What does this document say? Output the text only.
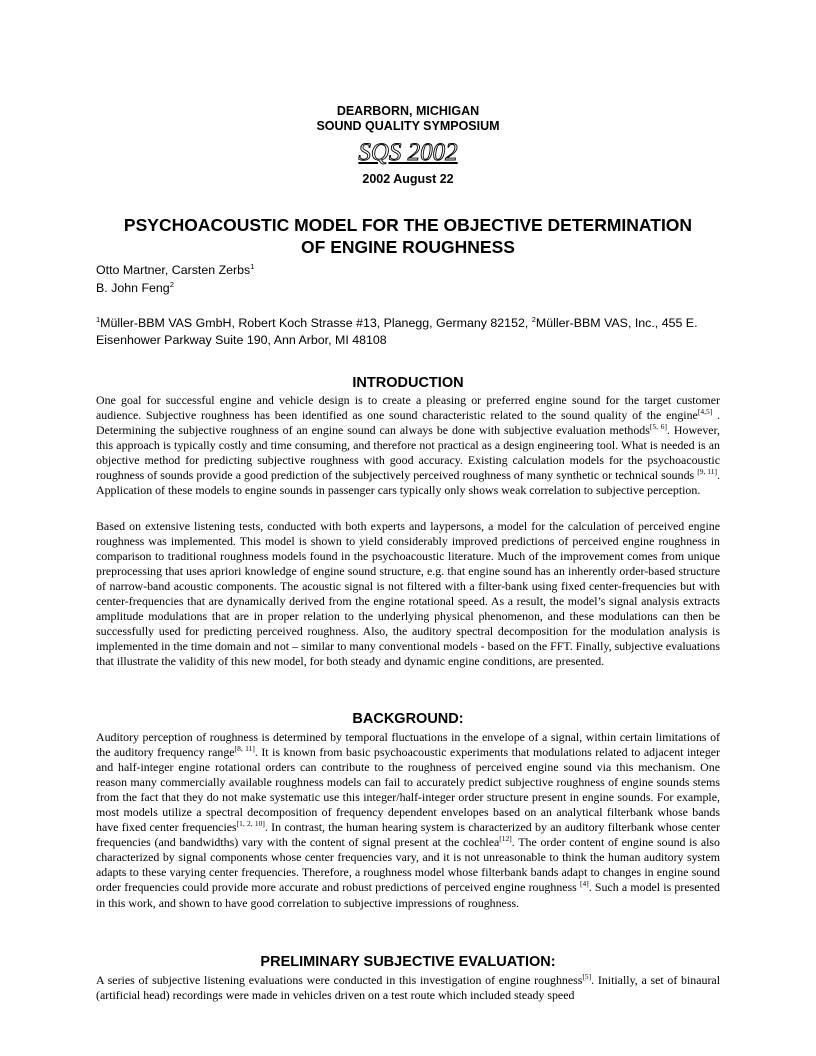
DEARBORN, MICHIGAN
SOUND QUALITY SYMPOSIUM
SQS 2002
2002 August 22
PSYCHOACOUSTIC MODEL FOR THE OBJECTIVE DETERMINATION
OF ENGINE ROUGHNESS
Otto Martner, Carsten Zerbs$^1$
B. John Feng$^2$
$^1$Müller-BBM VAS GmbH, Robert Koch Strasse #13, Planegg, Germany 82152, $^2$Müller-BBM VAS, Inc., 455 E. Eisenhower Parkway Suite 190, Ann Arbor, MI 48108
INTRODUCTION
One goal for successful engine and vehicle design is to create a pleasing or preferred engine sound for the target customer audience. Subjective roughness has been identified as one sound characteristic related to the sound quality of the engine[4,5] . Determining the subjective roughness of an engine sound can always be done with subjective evaluation methods[5, 6]. However, this approach is typically costly and time consuming, and therefore not practical as a design engineering tool. What is needed is an objective method for predicting subjective roughness with good accuracy. Existing calculation models for the psychoacoustic roughness of sounds provide a good prediction of the subjectively perceived roughness of many synthetic or technical sounds [9, 11]. Application of these models to engine sounds in passenger cars typically only shows weak correlation to subjective perception.
Based on extensive listening tests, conducted with both experts and laypersons, a model for the calculation of perceived engine roughness was implemented. This model is shown to yield considerably improved predictions of perceived engine roughness in comparison to traditional roughness models found in the psychoacoustic literature. Much of the improvement comes from unique preprocessing that uses apriori knowledge of engine sound structure, e.g. that engine sound has an inherently order-based structure of narrow-band acoustic components. The acoustic signal is not filtered with a filter-bank using fixed center-frequencies but with center-frequencies that are dynamically derived from the engine rotational speed. As a result, the model’s signal analysis extracts amplitude modulations that are in proper relation to the underlying physical phenomenon, and these modulations can then be successfully used for predicting perceived roughness. Also, the auditory spectral decomposition for the modulation analysis is implemented in the time domain and not – similar to many conventional models - based on the FFT. Finally, subjective evaluations that illustrate the validity of this new model, for both steady and dynamic engine conditions, are presented.
BACKGROUND:
Auditory perception of roughness is determined by temporal fluctuations in the envelope of a signal, within certain limitations of the auditory frequency range[8, 11]. It is known from basic psychoacoustic experiments that modulations related to adjacent integer and half-integer engine rotational orders can contribute to the roughness of perceived engine sound via this mechanism. One reason many commercially available roughness models can fail to accurately predict subjective roughness of engine sounds stems from the fact that they do not make systematic use this integer/half-integer order structure present in engine sounds. For example, most models utilize a spectral decomposition of frequency dependent envelopes based on an analytical filterbank whose bands have fixed center frequencies[1, 2, 10]. In contrast, the human hearing system is characterized by an auditory filterbank whose center frequencies (and bandwidths) vary with the content of signal present at the cochlea[12]. The order content of engine sound is also characterized by signal components whose center frequencies vary, and it is not unreasonable to think the human auditory system adapts to these varying center frequencies. Therefore, a roughness model whose filterbank bands adapt to changes in engine sound order frequencies could provide more accurate and robust predictions of perceived engine roughness [4]. Such a model is presented in this work, and shown to have good correlation to subjective impressions of roughness.
PRELIMINARY SUBJECTIVE EVALUATION:
A series of subjective listening evaluations were conducted in this investigation of engine roughness[5]. Initially, a set of binaural (artificial head) recordings were made in vehicles driven on a test route which included steady speed
